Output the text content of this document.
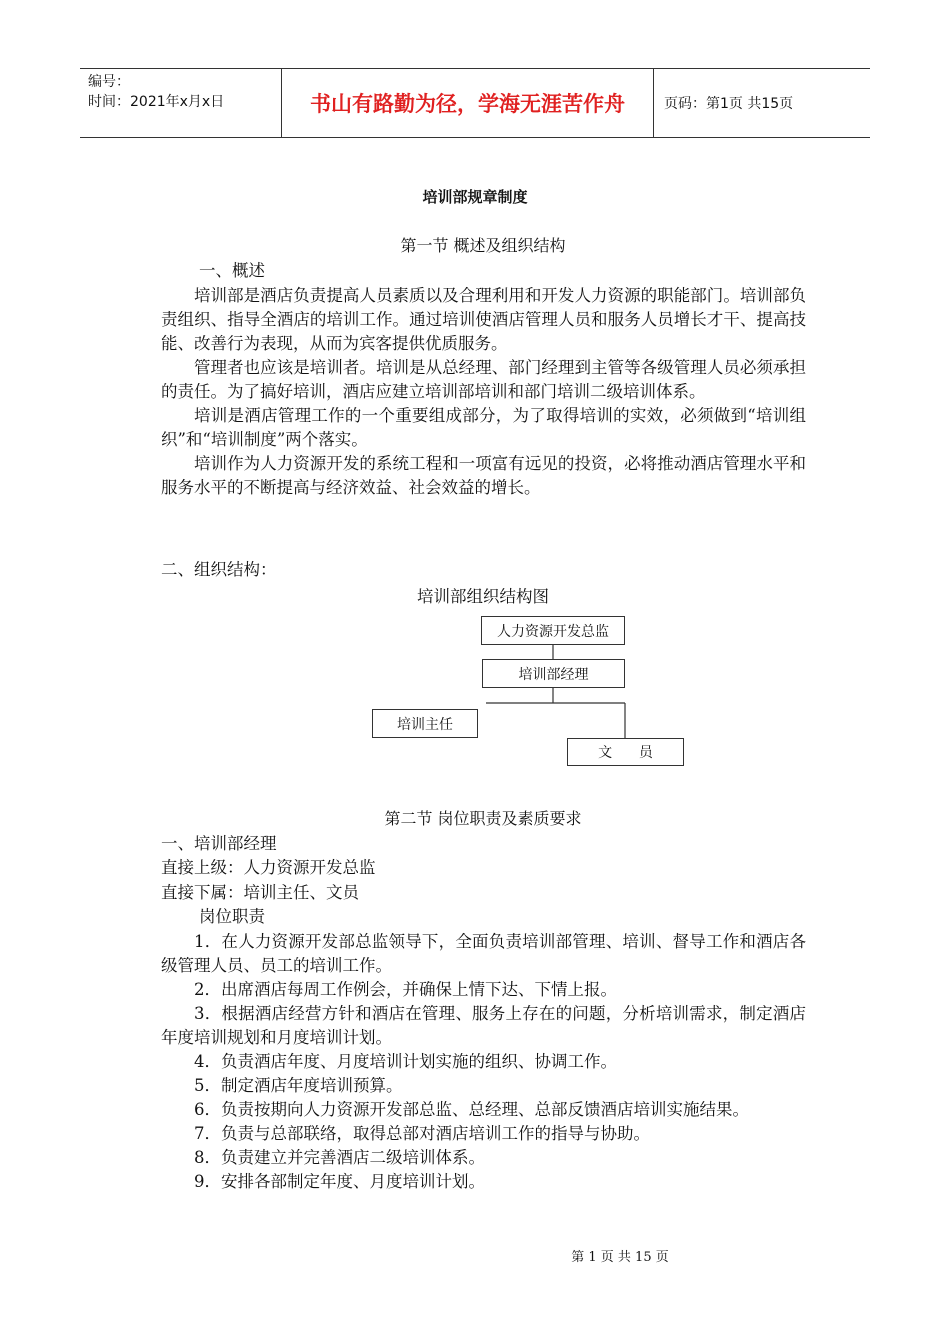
编号：
时间：2021年x月x日	书山有路勤为径，学海无涯苦作舟	页码：第1页 共15页
培训部规章制度
第一节 概述及组织结构
一、概述
培训部是酒店负责提高人员素质以及合理利用和开发人力资源的职能部门。培训部负责组织、指导全酒店的培训工作。通过培训使酒店管理人员和服务人员增长才干、提高技能、改善行为表现，从而为宾客提供优质服务。
管理者也应该是培训者。培训是从总经理、部门经理到主管等各级管理人员必须承担的责任。为了搞好培训，酒店应建立培训部培训和部门培训二级培训体系。
培训是酒店管理工作的一个重要组成部分，为了取得培训的实效，必须做到“培训组织”和“培训制度”两个落实。
培训作为人力资源开发的系统工程和一项富有远见的投资，必将推动酒店管理水平和服务水平的不断提高与经济效益、社会效益的增长。
二、组织结构：
培训部组织结构图
人力资源开发总监
培训部经理
培训主任
文      员
第二节 岗位职责及素质要求
一、培训部经理
直接上级：人力资源开发总监
直接下属：培训主任、文员
岗位职责
1．在人力资源开发部总监领导下，全面负责培训部管理、培训、督导工作和酒店各级管理人员、员工的培训工作。
2．出席酒店每周工作例会，并确保上情下达、下情上报。
3．根据酒店经营方针和酒店在管理、服务上存在的问题，分析培训需求，制定酒店年度培训规划和月度培训计划。
4．负责酒店年度、月度培训计划实施的组织、协调工作。
5．制定酒店年度培训预算。
6．负责按期向人力资源开发部总监、总经理、总部反馈酒店培训实施结果。
7．负责与总部联络，取得总部对酒店培训工作的指导与协助。
8．负责建立并完善酒店二级培训体系。
9．安排各部制定年度、月度培训计划。
第 1 页 共 15 页
